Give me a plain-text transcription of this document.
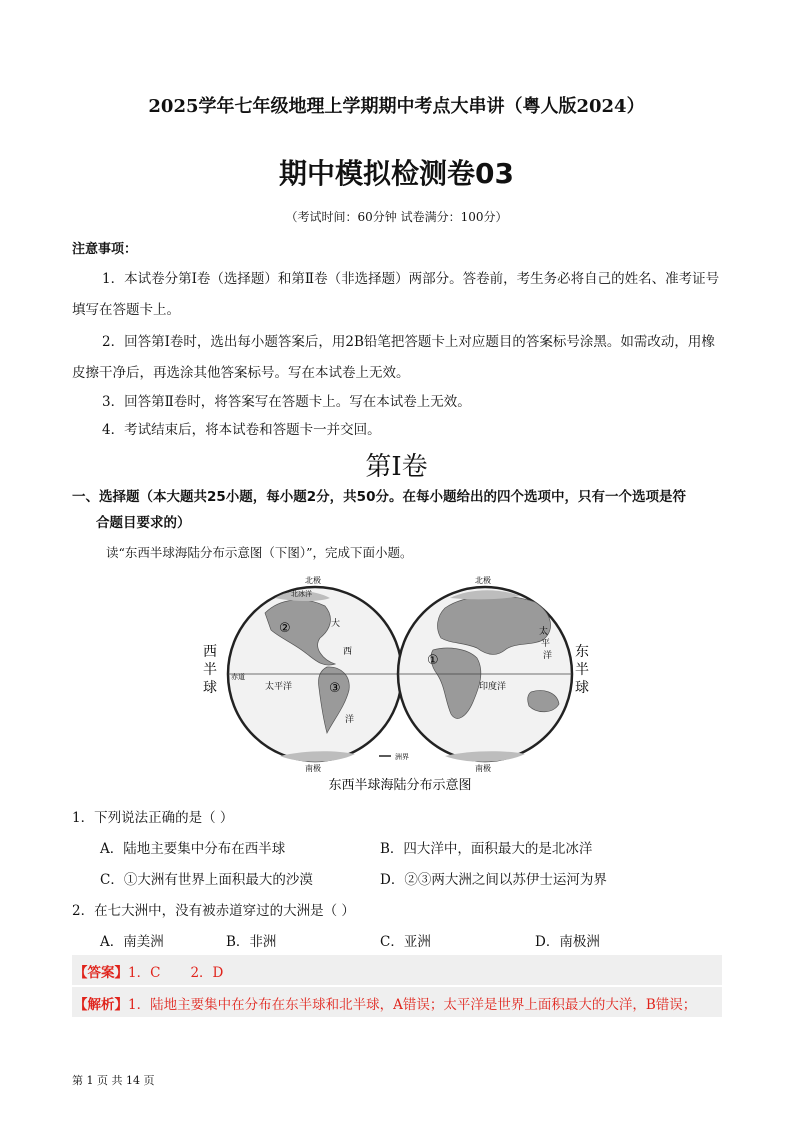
2025学年七年级地理上学期期中考点大串讲（粤人版2024）
期中模拟检测卷03
（考试时间：60分钟 试卷满分：100分）
注意事项：
1．本试卷分第Ⅰ卷（选择题）和第Ⅱ卷（非选择题）两部分。答卷前，考生务必将自己的姓名、准考证号填写在答题卡上。
2．回答第Ⅰ卷时，选出每小题答案后，用2B铅笔把答题卡上对应题目的答案标号涂黑。如需改动，用橡皮擦干净后，再选涂其他答案标号。写在本试卷上无效。
3．回答第Ⅱ卷时，将答案写在答题卡上。写在本试卷上无效。
4．考试结束后，将本试卷和答题卡一并交回。
第Ⅰ卷
一、选择题（本大题共25小题，每小题2分，共50分。在每小题给出的四个选项中，只有一个选项是符
合题目要求的）
读“东西半球海陆分布示意图（下图）”，完成下面小题。
大
西
洋
②
③
太平洋
赤道
北极
北冰洋
南极
①
印度洋
太
平
洋
北极
南极
西
半
球
东
半
球
洲界
东西半球海陆分布示意图
1．下列说法正确的是（ ）
A．陆地主要集中分布在西半球	B．四大洋中，面积最大的是北冰洋
C．①大洲有世界上面积最大的沙漠	D．②③两大洲之间以苏伊士运河为界
2．在七大洲中，没有被赤道穿过的大洲是（ ）
A．南美洲	B．非洲	C．亚洲	D．南极洲
【答案】1．C       2．D
【解析】1．陆地主要集中在分布在东半球和北半球，A错误；太平洋是世界上面积最大的大洋，B错误；
第 1 页 共 14 页
